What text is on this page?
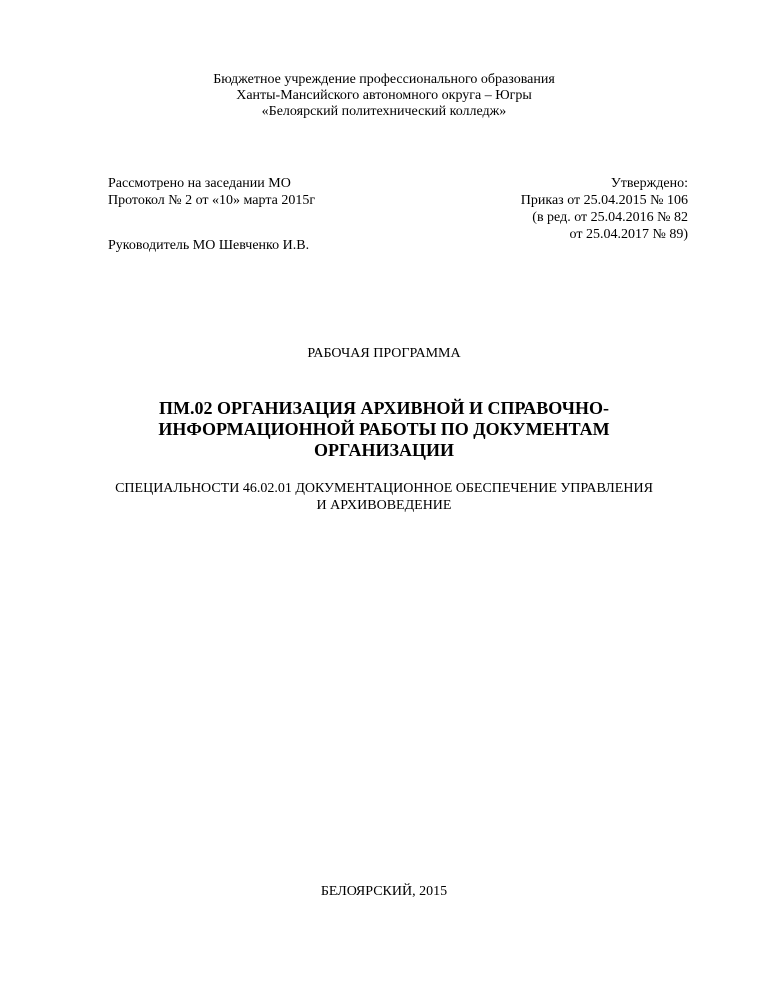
Бюджетное учреждение профессионального образования
Ханты-Мансийского автономного округа – Югры
«Белоярский политехнический колледж»
Рассмотрено на заседании МО
Протокол № 2 от «10» марта 2015г
Утверждено:
Приказ от 25.04.2015 № 106
(в ред. от 25.04.2016 № 82
от 25.04.2017 № 89)
Руководитель МО Шевченко И.В.
РАБОЧАЯ ПРОГРАММА
ПМ.02 ОРГАНИЗАЦИЯ АРХИВНОЙ И СПРАВОЧНО-
ИНФОРМАЦИОННОЙ РАБОТЫ ПО ДОКУМЕНТАМ
ОРГАНИЗАЦИИ
СПЕЦИАЛЬНОСТИ 46.02.01 ДОКУМЕНТАЦИОННОЕ ОБЕСПЕЧЕНИЕ УПРАВЛЕНИЯ
И АРХИВОВЕДЕНИЕ
БЕЛОЯРСКИЙ, 2015
